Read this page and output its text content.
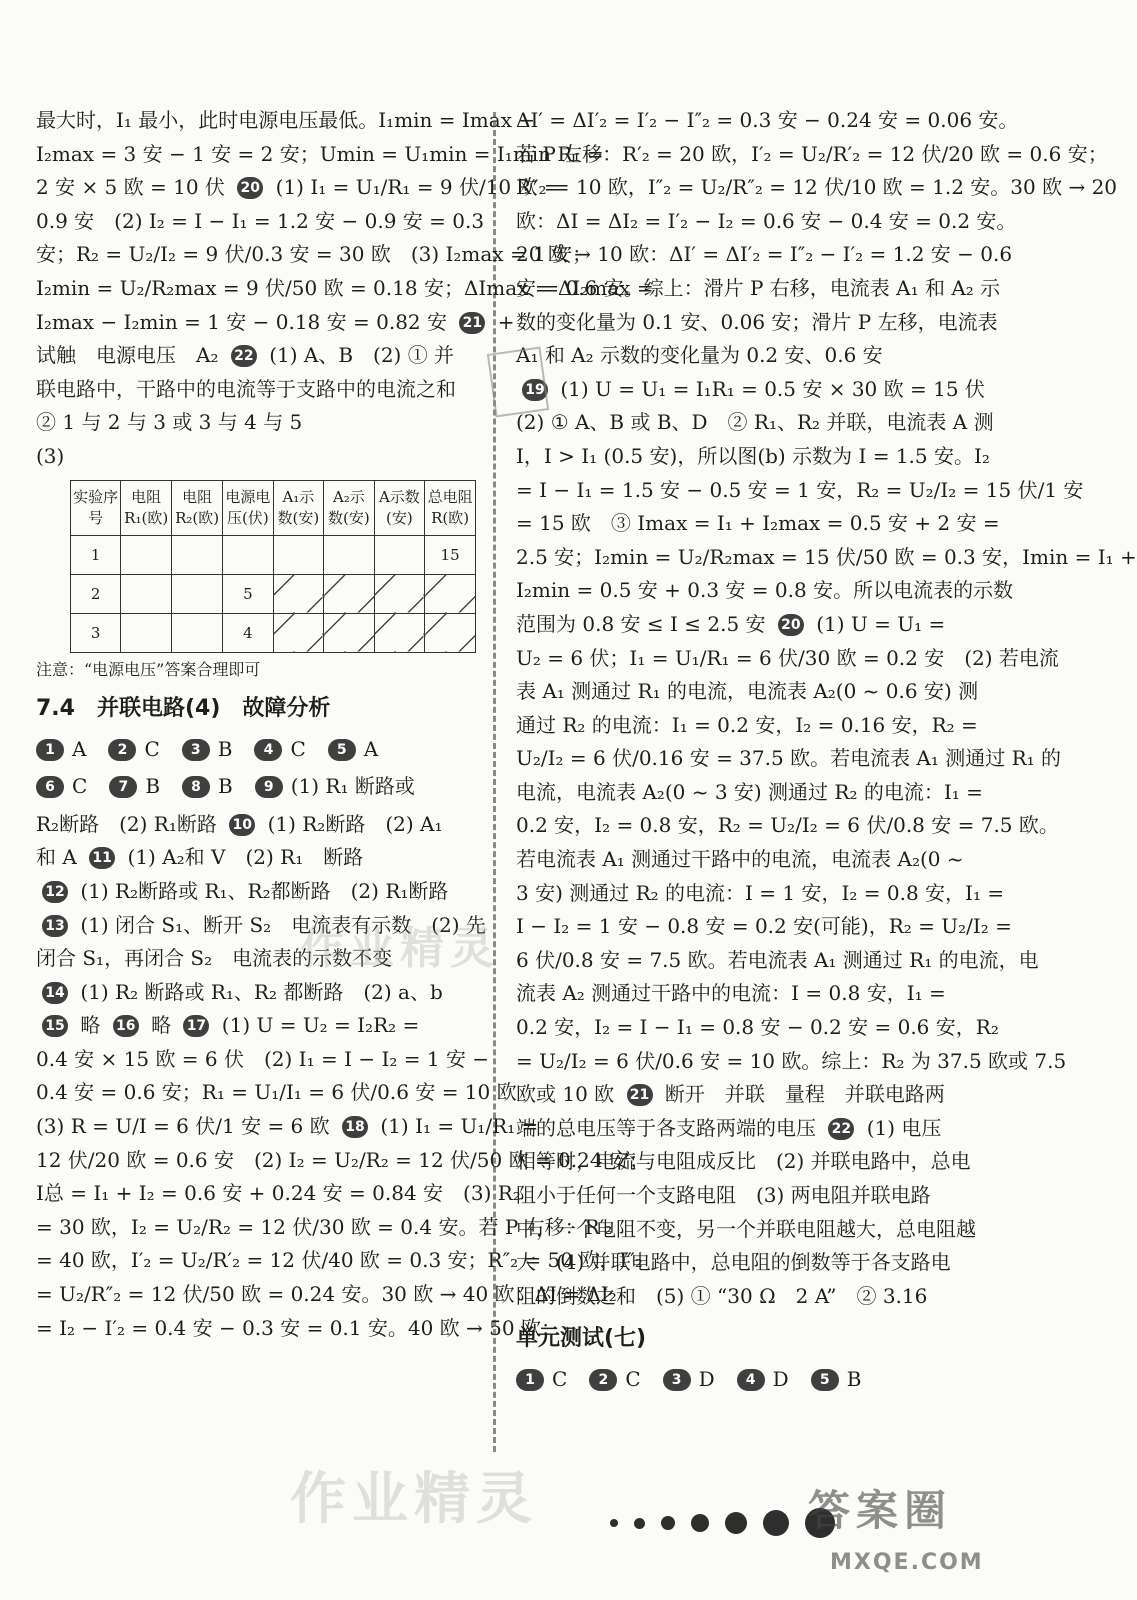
最大时，I₁ 最小，此时电源电压最低。I₁min = Imax −
I₂max = 3 安 − 1 安 = 2 安；Umin = U₁min = I₁min R₁ =
2 安 × 5 欧 = 10 伏 20 (1) I₁ = U₁/R₁ = 9 伏/10 欧 =
0.9 安　(2) I₂ = I − I₁ = 1.2 安 − 0.9 安 = 0.3
安；R₂ = U₂/I₂ = 9 伏/0.3 安 = 30 欧　(3) I₂max = 1 安；
I₂min = U₂/R₂max = 9 伏/50 欧 = 0.18 安；ΔImax = ΔI₂max =
I₂max − I₂min = 1 安 − 0.18 安 = 0.82 安 21 +
试触　电源电压　A₂ 22 (1) A、B　(2) ① 并
联电路中，干路中的电流等于支路中的电流之和
② 1 与 2 与 3 或 3 与 4 与 5
(3)
实验序号	电阻R₁(欧)	电阻R₂(欧)	电源电压(伏)	A₁示数(安)	A₂示数(安)	A示数(安)	总电阻R(欧)
1							15
2			5				
3			4				
注意：“电源电压”答案合理即可
7.4　并联电路(4)　故障分析
1 A	2 C	3 B	4 C	5 A
6 C	7 B	8 B	9 (1) R₁ 断路或
R₂断路　(2) R₁断路 10 (1) R₂断路　(2) A₁
和 A 11 (1) A₂和 V　(2) R₁　断路
12 (1) R₂断路或 R₁、R₂都断路　(2) R₁断路
13 (1) 闭合 S₁、断开 S₂　电流表有示数　(2) 先
闭合 S₁，再闭合 S₂　电流表的示数不变
14 (1) R₂ 断路或 R₁、R₂ 都断路　(2) a、b
15 略 16 略 17 (1) U = U₂ = I₂R₂ =
0.4 安 × 15 欧 = 6 伏　(2) I₁ = I − I₂ = 1 安 −
0.4 安 = 0.6 安；R₁ = U₁/I₁ = 6 伏/0.6 安 = 10 欧
(3) R = U/I = 6 伏/1 安 = 6 欧 18 (1) I₁ = U₁/R₁ =
12 伏/20 欧 = 0.6 安　(2) I₂ = U₂/R₂ = 12 伏/50 欧 = 0.24 安；
I总 = I₁ + I₂ = 0.6 安 + 0.24 安 = 0.84 安　(3) R₂
= 30 欧，I₂ = U₂/R₂ = 12 伏/30 欧 = 0.4 安。若 P 右移：R′₂
= 40 欧，I′₂ = U₂/R′₂ = 12 伏/40 欧 = 0.3 安；R″₂ = 50 欧，I″₂
= U₂/R″₂ = 12 伏/50 欧 = 0.24 安。30 欧 → 40 欧：ΔI = ΔI₂
= I₂ − I′₂ = 0.4 安 − 0.3 安 = 0.1 安。40 欧 → 50 欧：
ΔI′ = ΔI′₂ = I′₂ − I″₂ = 0.3 安 − 0.24 安 = 0.06 安。
若 P 左移：R′₂ = 20 欧，I′₂ = U₂/R′₂ = 12 伏/20 欧 = 0.6 安；
R″₂ = 10 欧，I″₂ = U₂/R″₂ = 12 伏/10 欧 = 1.2 安。30 欧 → 20
欧：ΔI = ΔI₂ = I′₂ − I₂ = 0.6 安 − 0.4 安 = 0.2 安。
20 欧 → 10 欧：ΔI′ = ΔI′₂ = I″₂ − I′₂ = 1.2 安 − 0.6
安 = 0.6 安。综上：滑片 P 右移，电流表 A₁ 和 A₂ 示
数的变化量为 0.1 安、0.06 安；滑片 P 左移，电流表
A₁ 和 A₂ 示数的变化量为 0.2 安、0.6 安
19 (1) U = U₁ = I₁R₁ = 0.5 安 × 30 欧 = 15 伏
(2) ① A、B 或 B、D　② R₁、R₂ 并联，电流表 A 测
I，I > I₁ (0.5 安)，所以图(b) 示数为 I = 1.5 安。I₂
= I − I₁ = 1.5 安 − 0.5 安 = 1 安，R₂ = U₂/I₂ = 15 伏/1 安
= 15 欧　③ Imax = I₁ + I₂max = 0.5 安 + 2 安 =
2.5 安；I₂min = U₂/R₂max = 15 伏/50 欧 = 0.3 安，Imin = I₁ +
I₂min = 0.5 安 + 0.3 安 = 0.8 安。所以电流表的示数
范围为 0.8 安 ≤ I ≤ 2.5 安 20 (1) U = U₁ =
U₂ = 6 伏；I₁ = U₁/R₁ = 6 伏/30 欧 = 0.2 安　(2) 若电流
表 A₁ 测通过 R₁ 的电流，电流表 A₂(0 ~ 0.6 安) 测
通过 R₂ 的电流：I₁ = 0.2 安，I₂ = 0.16 安，R₂ =
U₂/I₂ = 6 伏/0.16 安 = 37.5 欧。若电流表 A₁ 测通过 R₁ 的
电流，电流表 A₂(0 ~ 3 安) 测通过 R₂ 的电流：I₁ =
0.2 安，I₂ = 0.8 安，R₂ = U₂/I₂ = 6 伏/0.8 安 = 7.5 欧。
若电流表 A₁ 测通过干路中的电流，电流表 A₂(0 ~
3 安) 测通过 R₂ 的电流：I = 1 安，I₂ = 0.8 安，I₁ =
I − I₂ = 1 安 − 0.8 安 = 0.2 安(可能)，R₂ = U₂/I₂ =
6 伏/0.8 安 = 7.5 欧。若电流表 A₁ 测通过 R₁ 的电流，电
流表 A₂ 测通过干路中的电流：I = 0.8 安，I₁ =
0.2 安，I₂ = I − I₁ = 0.8 安 − 0.2 安 = 0.6 安，R₂
= U₂/I₂ = 6 伏/0.6 安 = 10 欧。综上：R₂ 为 37.5 欧或 7.5
欧或 10 欧 21 断开　并联　量程　并联电路两
端的总电压等于各支路两端的电压 22 (1) 电压
相等时，电流与电阻成反比　(2) 并联电路中，总电
阻小于任何一个支路电阻　(3) 两电阻并联电路
中，一个电阻不变，另一个并联电阻越大，总电阻越
大　(4) 并联电路中，总电阻的倒数等于各支路电
阻的倒数之和　(5) ① “30 Ω　2 A”　② 3.16
单元测试(七)
1 C	2 C	3 D	4 D	5 B
作业精灵
作业精灵
答案圈
MXQE.COM
